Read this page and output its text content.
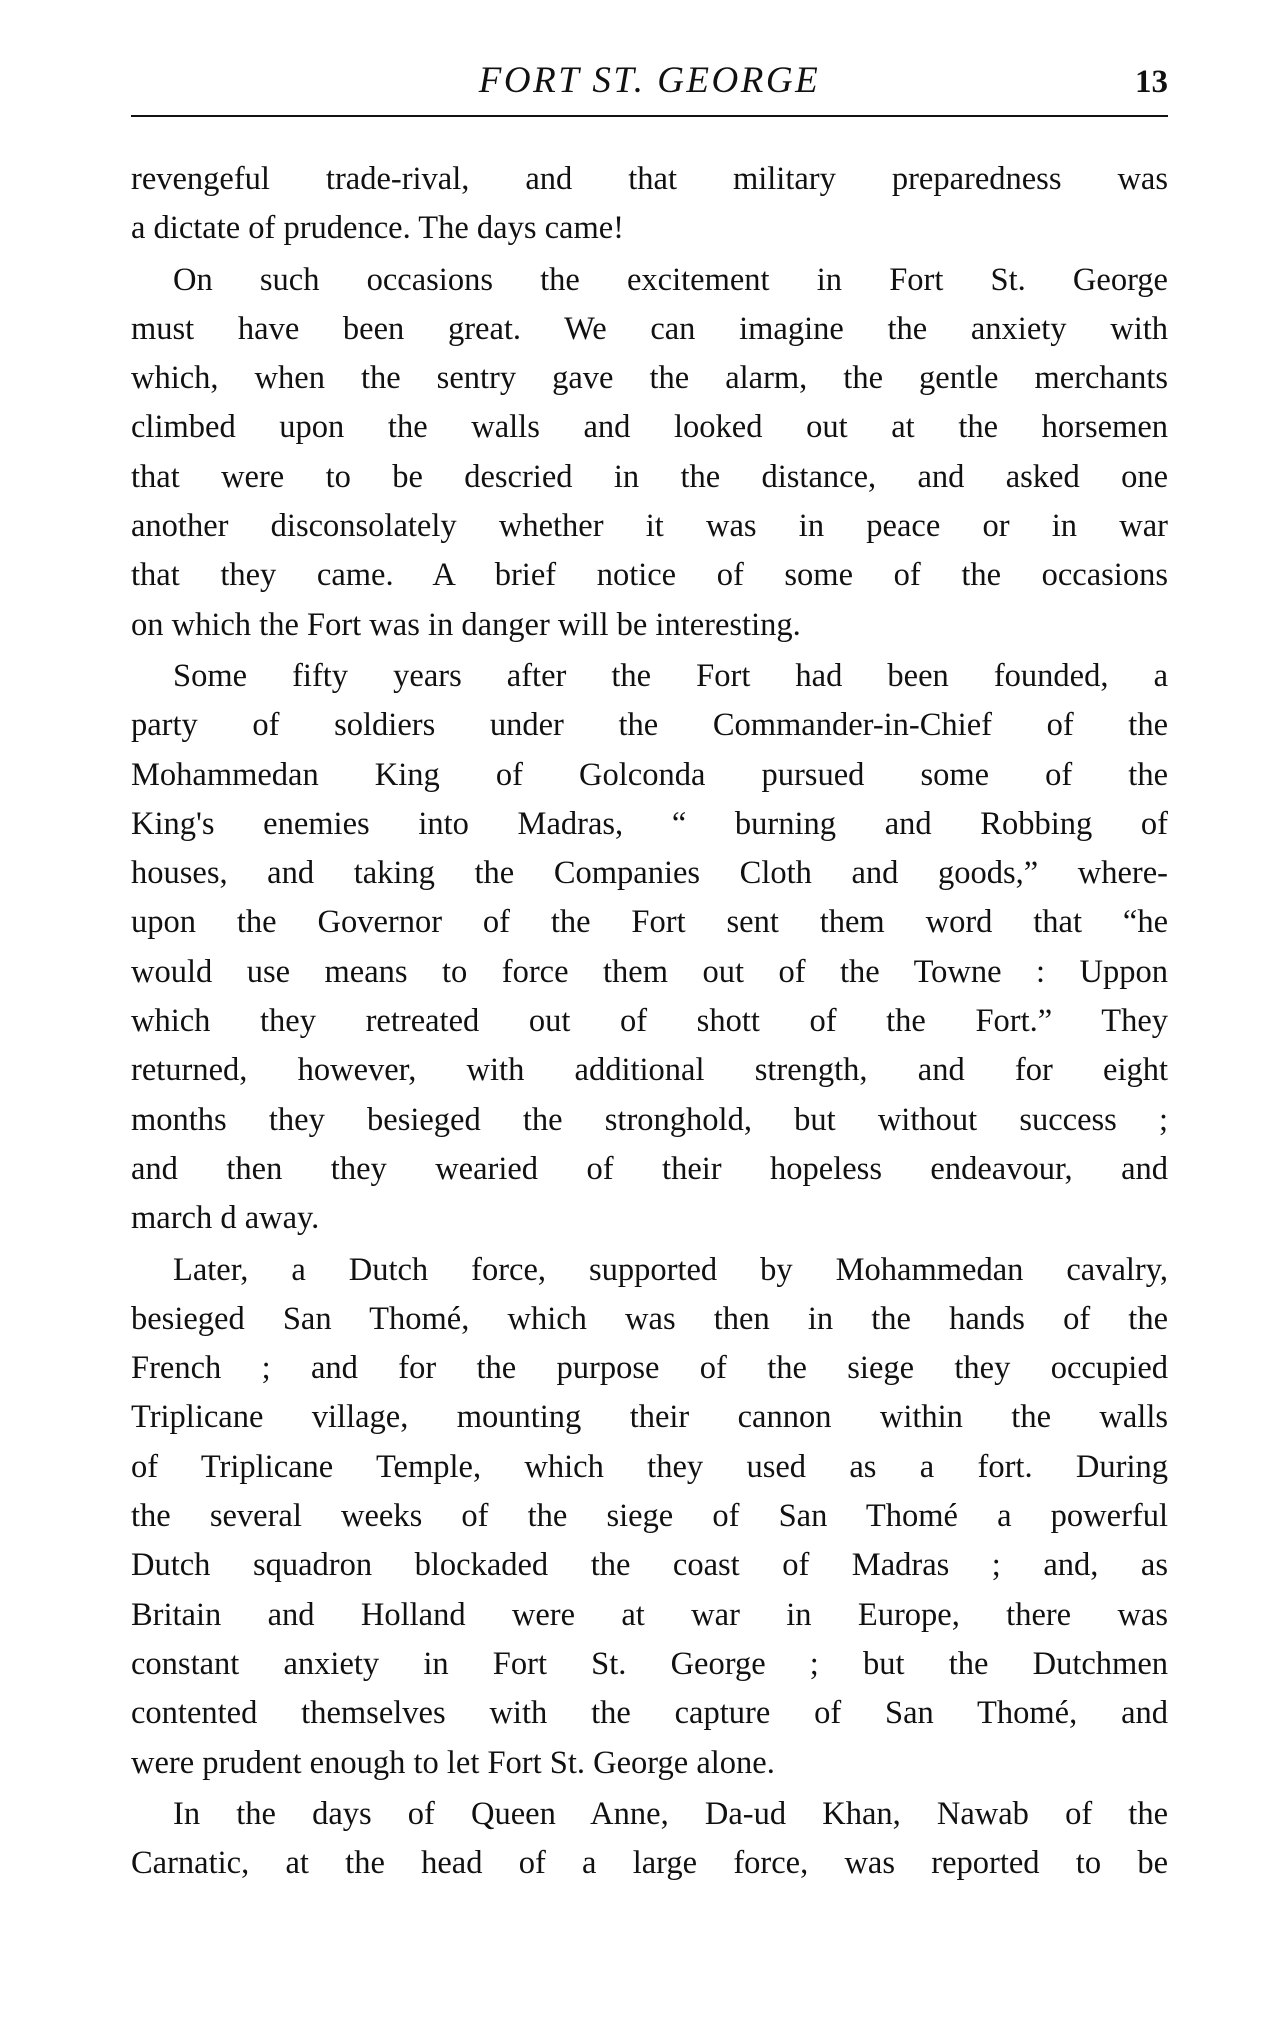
FORT ST. GEORGE	13
revengeful trade-rival, and that military preparedness was
a dictate of prudence. The days came!
On such occasions the excitement in Fort St. George
must have been great. We can imagine the anxiety with
which, when the sentry gave the alarm, the gentle merchants
climbed upon the walls and looked out at the horsemen
that were to be descried in the distance, and asked one
another disconsolately whether it was in peace or in war
that they came. A brief notice of some of the occasions
on which the Fort was in danger will be interesting.
Some fifty years after the Fort had been founded, a
party of soldiers under the Commander-in-Chief of the
Mohammedan King of Golconda pursued some of the
King's enemies into Madras, “ burning and Robbing of
houses, and taking the Companies Cloth and goods,” where-
upon the Governor of the Fort sent them word that “he
would use means to force them out of the Towne : Uppon
which they retreated out of shott of the Fort.” They
returned, however, with additional strength, and for eight
months they besieged the stronghold, but without success ;
and then they wearied of their hopeless endeavour, and
march d away.
Later, a Dutch force, supported by Mohammedan cavalry,
besieged San Thomé, which was then in the hands of the
French ; and for the purpose of the siege they occupied
Triplicane village, mounting their cannon within the walls
of Triplicane Temple, which they used as a fort. During
the several weeks of the siege of San Thomé a powerful
Dutch squadron blockaded the coast of Madras ; and, as
Britain and Holland were at war in Europe, there was
constant anxiety in Fort St. George ; but the Dutchmen
contented themselves with the capture of San Thomé, and
were prudent enough to let Fort St. George alone.
In the days of Queen Anne, Da-ud Khan, Nawab of the
Carnatic, at the head of a large force, was reported to be
